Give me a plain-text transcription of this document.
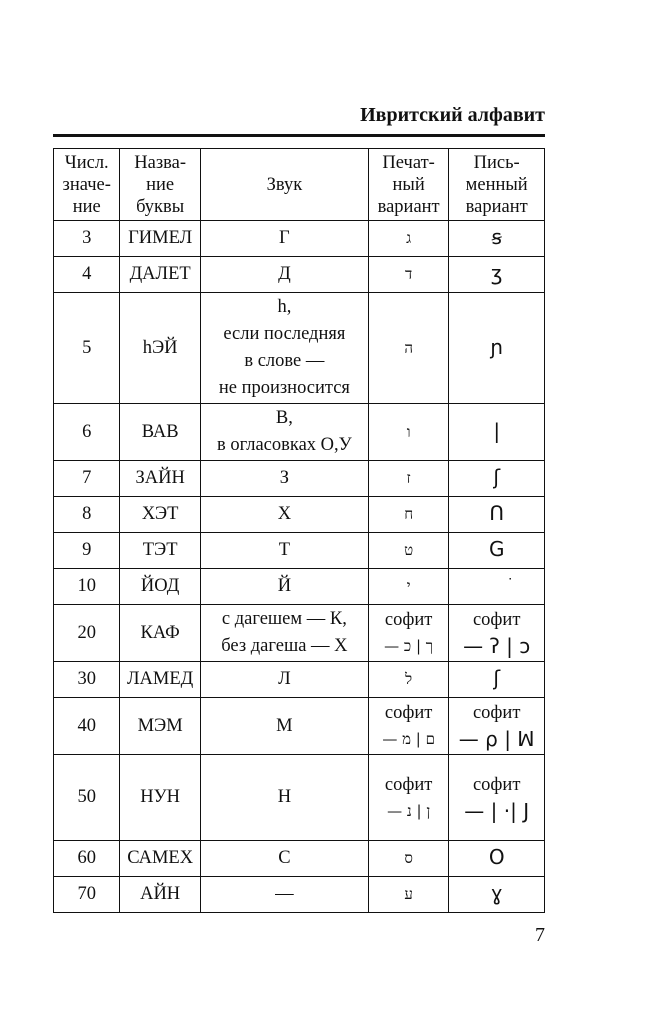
Ивритский алфавит
Числ.
значе-
ние	Назва-
ние
буквы	Звук	Печат-
ный
вариант	Пись-
менный
вариант

3	ГИМЕЛ	Г	ג	ꞩ
4	ДАЛЕТ	Д	ד	ʒ
5	hЭЙ	h,
если последняя
в слове —
не произносится	ה	ɲ
6	ВАВ	В,
в огласовках О,У	ו	|
7	ЗАЙН	З	ז	ʃ
8	ХЭТ	Х	ח	ꓵ
9	ТЭТ	Т	ט	G
10	ЙОД	Й	י	
20	КАФ	с дагешем — К,
без дагеша — Х	софит
— ך | כ	софит
— ʔ | ɔ

30	ЛАМЕД	Л	ל	ʃ
40	МЭМ	М	софит
— ם | מ	софит
— ρ | ꟽ

50	НУН	Н	софит
— ן | נ	софит
— | ·| J

60	САМЕХ	С	ס	O
70	АЙН	—	ע	ɣ
7
